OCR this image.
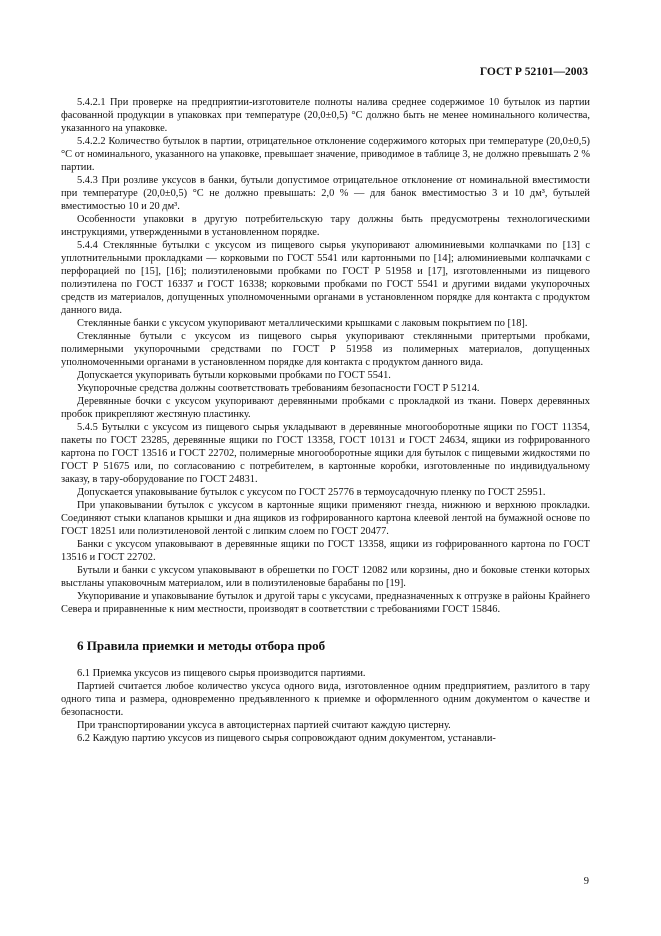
ГОСТ Р 52101—2003

5.4.2.1 При проверке на предприятии-изготовителе полноты налива среднее содержимое 10 бутылок из партии фасованной продукции в упаковках при температуре (20,0±0,5) °С должно быть не менее номинального количества, указанного на упаковке.

5.4.2.2 Количество бутылок в партии, отрицательное отклонение содержимого которых при температуре (20,0±0,5) °С от номинального, указанного на упаковке, превышает значение, приводимое в таблице 3, не должно превышать 2 % партии.

5.4.3 При розливе уксусов в банки, бутыли допустимое отрицательное отклонение от номинальной вместимости при температуре (20,0±0,5) °С не должно превышать: 2,0 % — для банок вместимостью 3 и 10 дм³, бутылей вместимостью 10 и 20 дм³.

Особенности упаковки в другую потребительскую тару должны быть предусмотрены технологическими инструкциями, утвержденными в установленном порядке.

5.4.4 Стеклянные бутылки с уксусом из пищевого сырья укупоривают алюминиевыми колпачками по [13] с уплотнительными прокладками — корковыми по ГОСТ 5541 или картонными по [14]; алюминиевыми колпачками с перфорацией по [15], [16]; полиэтиленовыми пробками по ГОСТ Р 51958 и [17], изготовленными из пищевого полиэтилена по ГОСТ 16337 и ГОСТ 16338; корковыми пробками по ГОСТ 5541 и другими видами укупорочных средств из материалов, допущенных уполномоченными органами в установленном порядке для контакта с продуктом данного вида.

Стеклянные банки с уксусом укупоривают металлическими крышками с лаковым покрытием по [18].

Стеклянные бутыли с уксусом из пищевого сырья укупоривают стеклянными притертыми пробками, полимерными укупорочными средствами по ГОСТ Р 51958 из полимерных материалов, допущенных уполномоченными органами в установленном порядке для контакта с продуктом данного вида.

Допускается укупоривать бутыли корковыми пробками по ГОСТ 5541.

Укупорочные средства должны соответствовать требованиям безопасности ГОСТ Р 51214.

Деревянные бочки с уксусом укупоривают деревянными пробками с прокладкой из ткани. Поверх деревянных пробок прикрепляют жестяную пластинку.

5.4.5 Бутылки с уксусом из пищевого сырья укладывают в деревянные многооборотные ящики по ГОСТ 11354, пакеты по ГОСТ 23285, деревянные ящики по ГОСТ 13358, ГОСТ 10131 и ГОСТ 24634, ящики из гофрированного картона по ГОСТ 13516 и ГОСТ 22702, полимерные многооборотные ящики для бутылок с пищевыми жидкостями по ГОСТ Р 51675 или, по согласованию с потребителем, в картонные коробки, изготовленные по индивидуальному заказу, в тару-оборудование по ГОСТ 24831.

Допускается упаковывание бутылок с уксусом по ГОСТ 25776 в термоусадочную пленку по ГОСТ 25951.

При упаковывании бутылок с уксусом в картонные ящики применяют гнезда, нижнюю и верхнюю прокладки. Соединяют стыки клапанов крышки и дна ящиков из гофрированного картона клеевой лентой на бумажной основе по ГОСТ 18251 или полиэтиленовой лентой с липким слоем по ГОСТ 20477.

Банки с уксусом упаковывают в деревянные ящики по ГОСТ 13358, ящики из гофрированного картона по ГОСТ 13516 и ГОСТ 22702.

Бутыли и банки с уксусом упаковывают в обрешетки по ГОСТ 12082 или корзины, дно и боковые стенки которых выстланы упаковочным материалом, или в полиэтиленовые барабаны по [19].

Укупоривание и упаковывание бутылок и другой тары с уксусами, предназначенных к отгрузке в районы Крайнего Севера и приравненные к ним местности, производят в соответствии с требованиями ГОСТ 15846.

6 Правила приемки и методы отбора проб

6.1 Приемка уксусов из пищевого сырья производится партиями.

Партией считается любое количество уксуса одного вида, изготовленное одним предприятием, разлитого в тару одного типа и размера, одновременно предъявленного к приемке и оформленного одним документом о качестве и безопасности.

При транспортировании уксуса в автоцистернах партией считают каждую цистерну.

6.2 Каждую партию уксусов из пищевого сырья сопровождают одним документом, устанавли-

9
